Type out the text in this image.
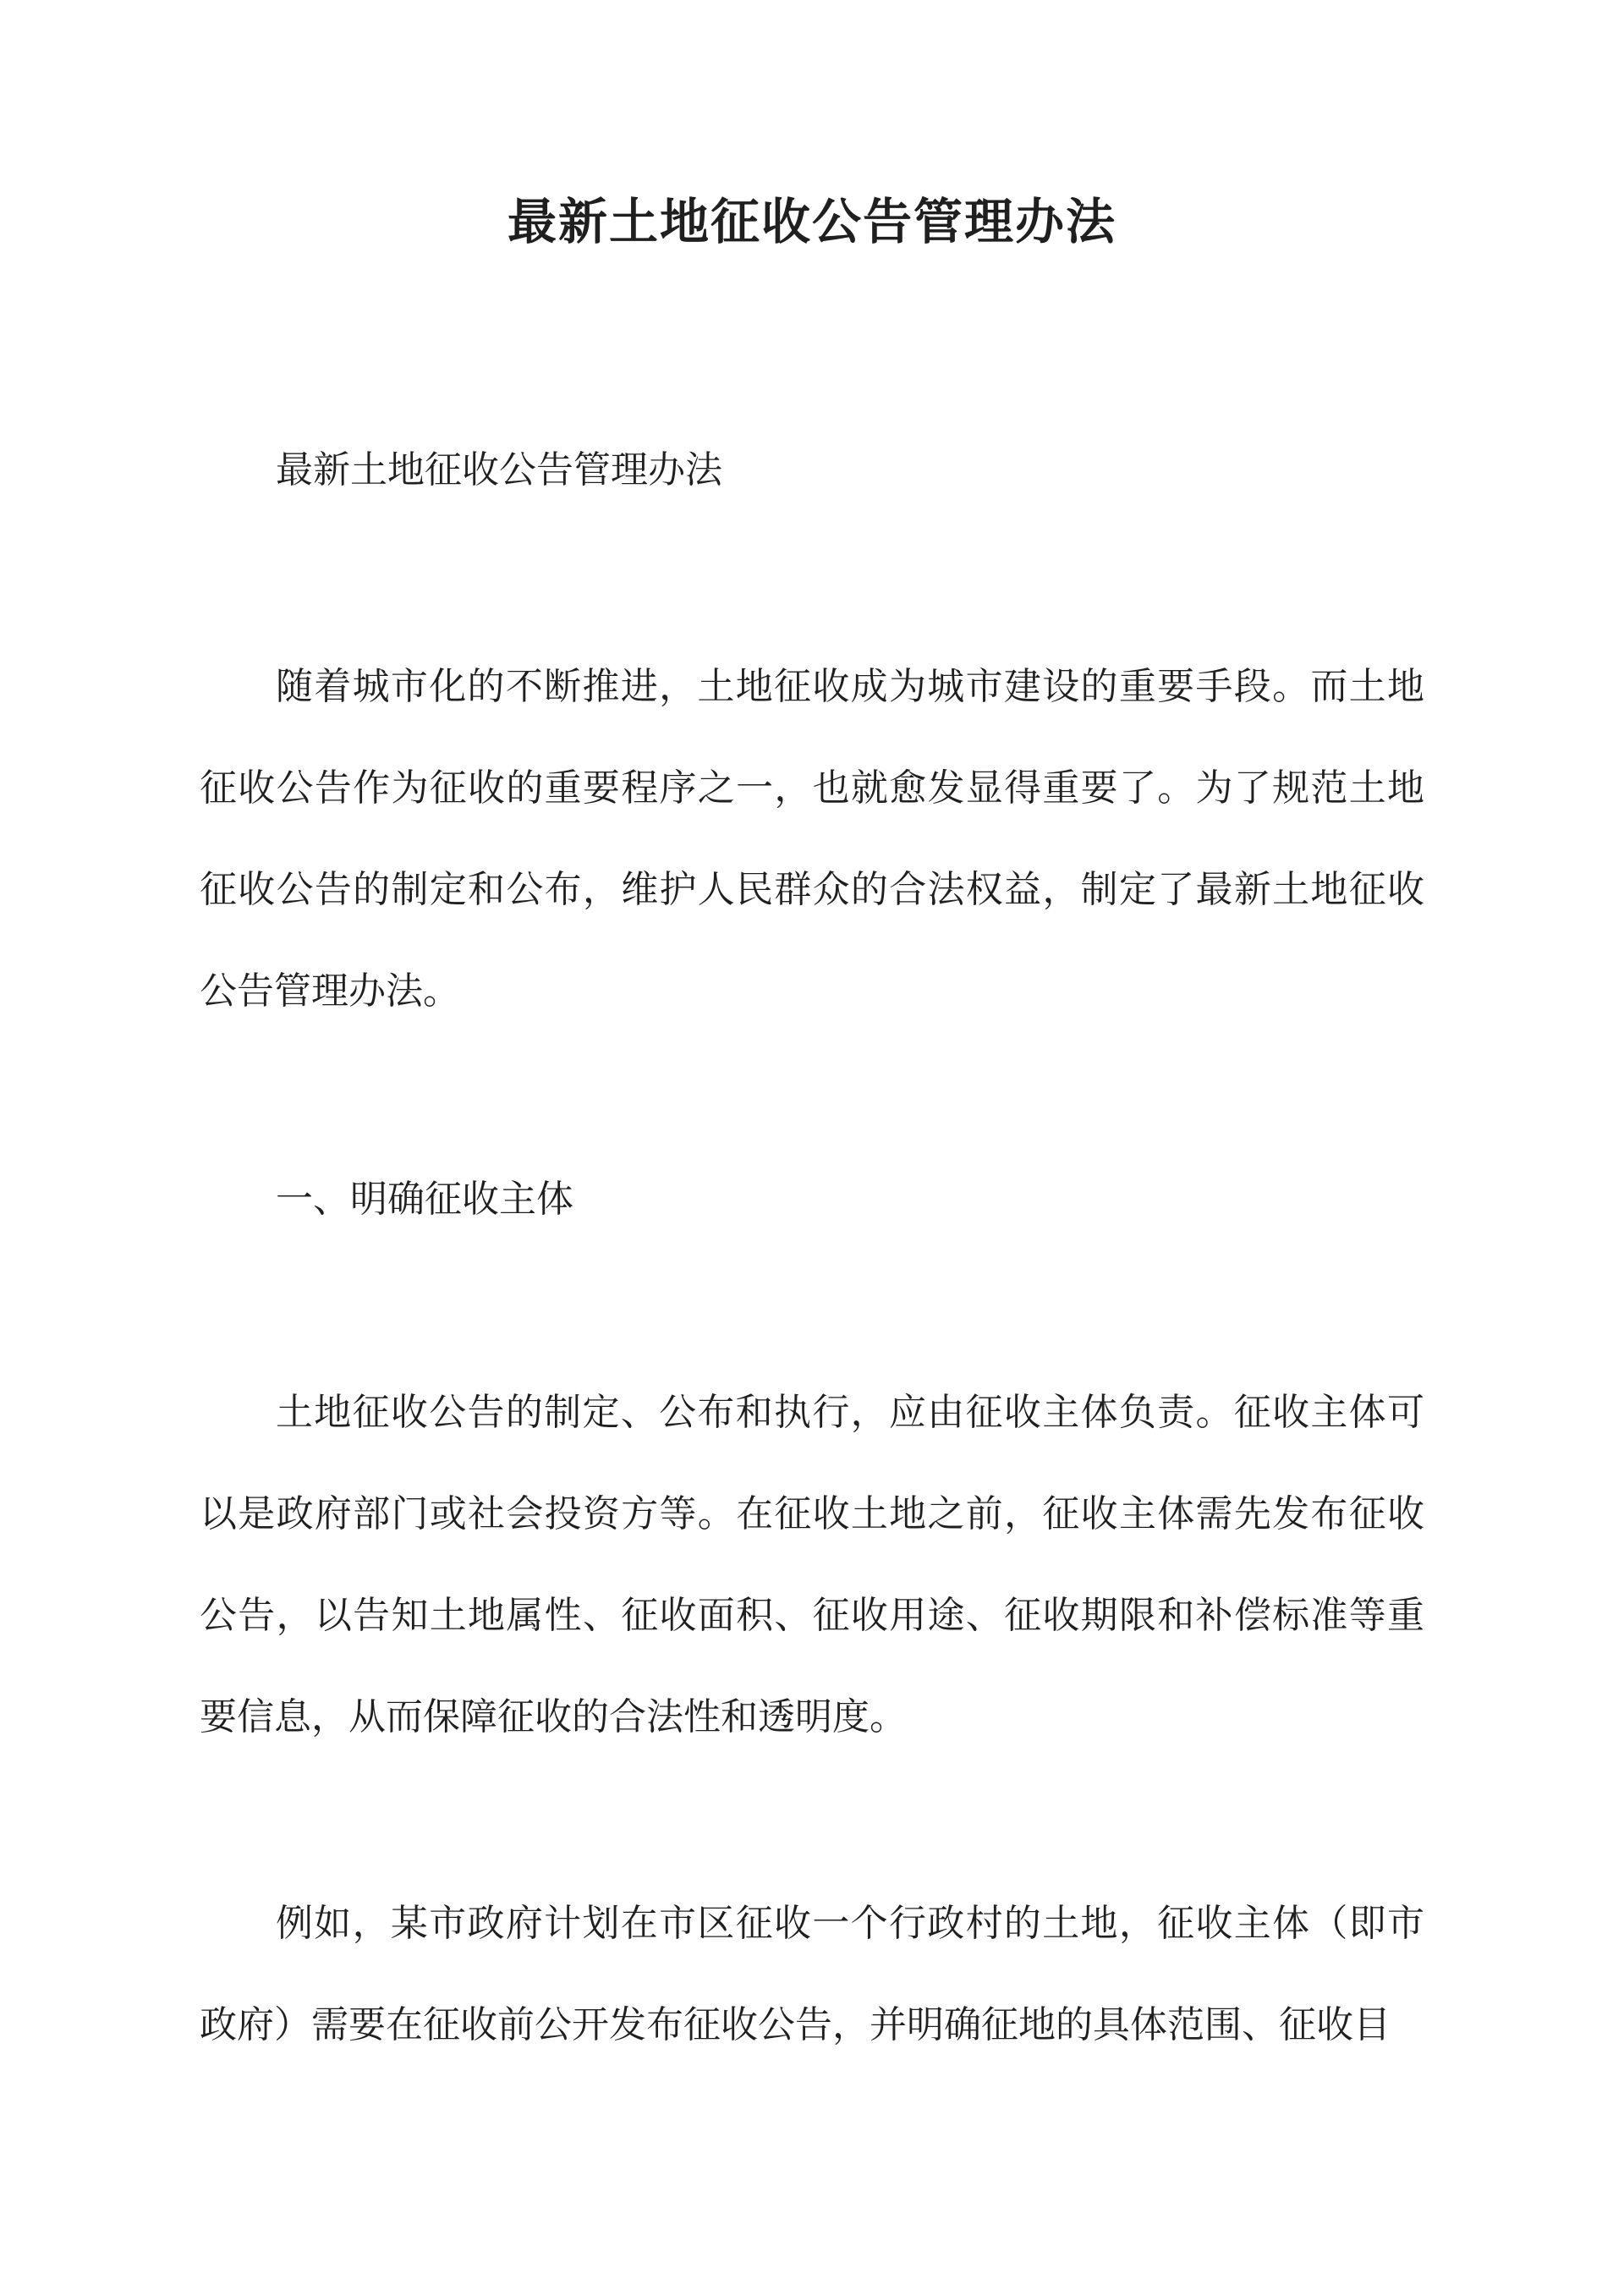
最新土地征收公告管理办法

最新土地征收公告管理办法

随着城市化的不断推进，土地征收成为城市建设的重要手段。而土地征收公告作为征收的重要程序之一，也就愈发显得重要了。为了规范土地征收公告的制定和公布，维护人民群众的合法权益，制定了最新土地征收公告管理办法。

一、明确征收主体

土地征收公告的制定、公布和执行，应由征收主体负责。征收主体可以是政府部门或社会投资方等。在征收土地之前，征收主体需先发布征收公告，以告知土地属性、征收面积、征收用途、征收期限和补偿标准等重要信息，从而保障征收的合法性和透明度。

例如，某市政府计划在市区征收一个行政村的土地，征收主体（即市政府）需要在征收前公开发布征收公告，并明确征地的具体范围、征收目
